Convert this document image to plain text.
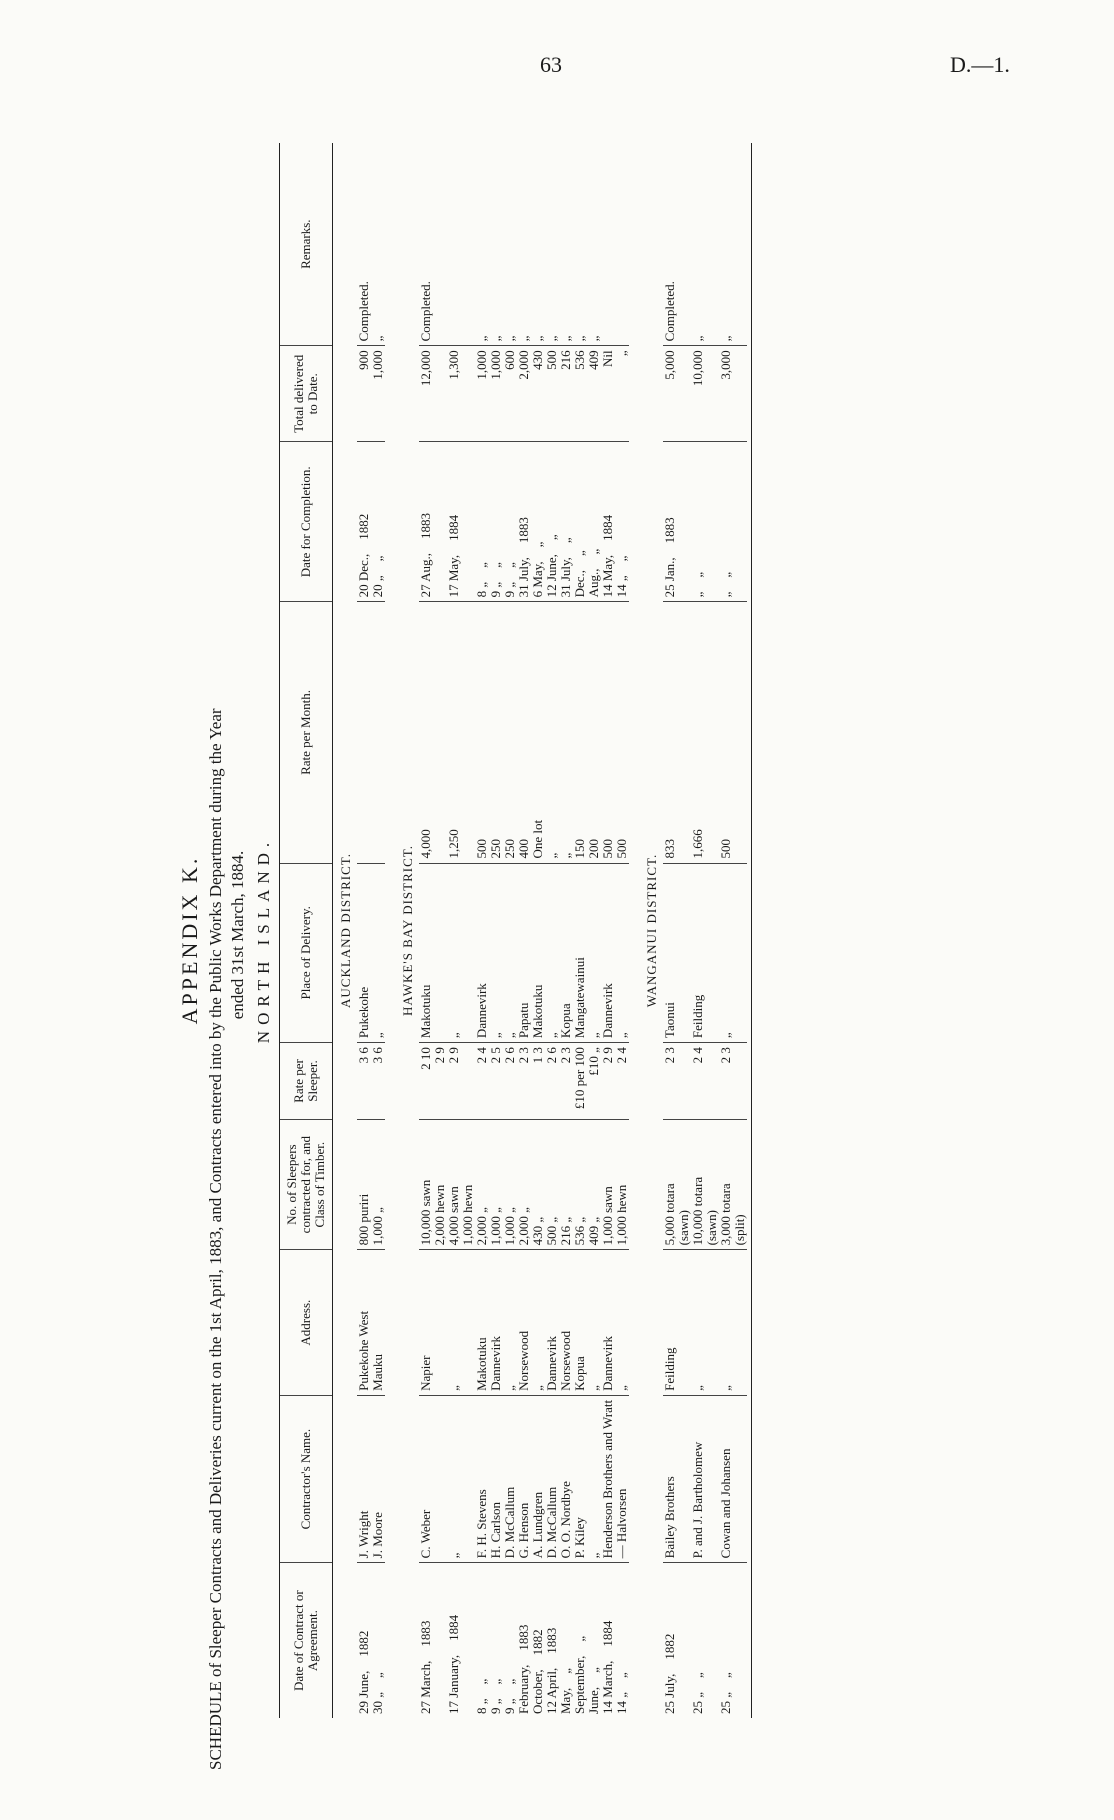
63	D.—1.
APPENDIX K. SCHEDULE of Sleeper Contracts and Deliveries current on the 1st April, 1883, and Contracts entered into by the Public Works Department during the Year ended 31st March, 1884. NORTH ISLAND.
Date of Contract or Agreement.	Contractor's Name.	Address.	No. of Sleepers contracted for, and Class of Timber.	Rate per Sleeper.	Place of Delivery.	Rate per Month.	Date for Completion.	Total delivered to Date.	Remarks.
AUCKLAND DISTRICT.									
29 June,1882	J. Wright	Pukekohe West	800 puriri	3 6	Pukekohe		20 Dec.,1882	900	Completed.
30 „„	J. Moore	Mauku	1,000 „	3 6	„		20 „„	1,000	„

HAWKE'S BAY DISTRICT.									
27 March,1883	C. Weber	Napier	10,000 sawn	2 10	Makotuku	4,000	27 Aug.,1883	12,000	Completed.
			2,000 hewn	2 9					
17 January,1884	„	„	4,000 sawn	2 9	„	1,250	17 May,1884	1,300	
			1,000 hewn						
8 „„	F. H. Stevens	Makotuku	2,000 „	2 4	Dannevirk	500	8 „„	1,000	„
9 „„	H. Carlson	Dannevirk	1,000 „	2 5	„	250	9 „„	1,000	„
9 „„	D. McCallum	„	1,000 „	2 6	„	250	9 „„	600	„
February,1883	G. Henson	Norsewood	2,000 „	2 3	Papatu	400	31 July,1883	2,000	„
October,1882	A. Lundgren	„	430 „	1 3	Makotuku	One lot	6 May,„	430	„
12 April,1883	D. McCallum	Dannevirk	500 „	2 6	„	„	12 June,„	500	„
May,„	O. O. Nordbye	Norsewood	216 „	2 3	Kopua	„	31 July,„	216	„
September,„	P. Kiley	Kopua	536 „	£10 per 100	Mangatewainui	150	Dec.,„	536	„
June,„	„	„	409 „	£10 „	„	200	Aug.,„	409	„
14 March,1884	Henderson Brothers and Wratt	Dannevirk	1,000 sawn	2 9	Dannevirk	500	14 May,1884	Nil	
14 „„	— Halvorsen	„	1,000 hewn	2 4	„	500	14 „„	„	

WANGANUI DISTRICT.									
25 July,1882	Bailey Brothers	Feilding	5,000 totara	2 3	Taonui	833	25 Jan.,1883	5,000	Completed.
			(sawn)						
25 „„	P. and J. Bartholomew	„	10,000 totara	2 4	Feilding	1,666	„„	10,000	„
			(sawn)						
25 „„	Cowan and Johansen	„	3,000 totara	2 3	„	500	„„	3,000	„
			(split)						
